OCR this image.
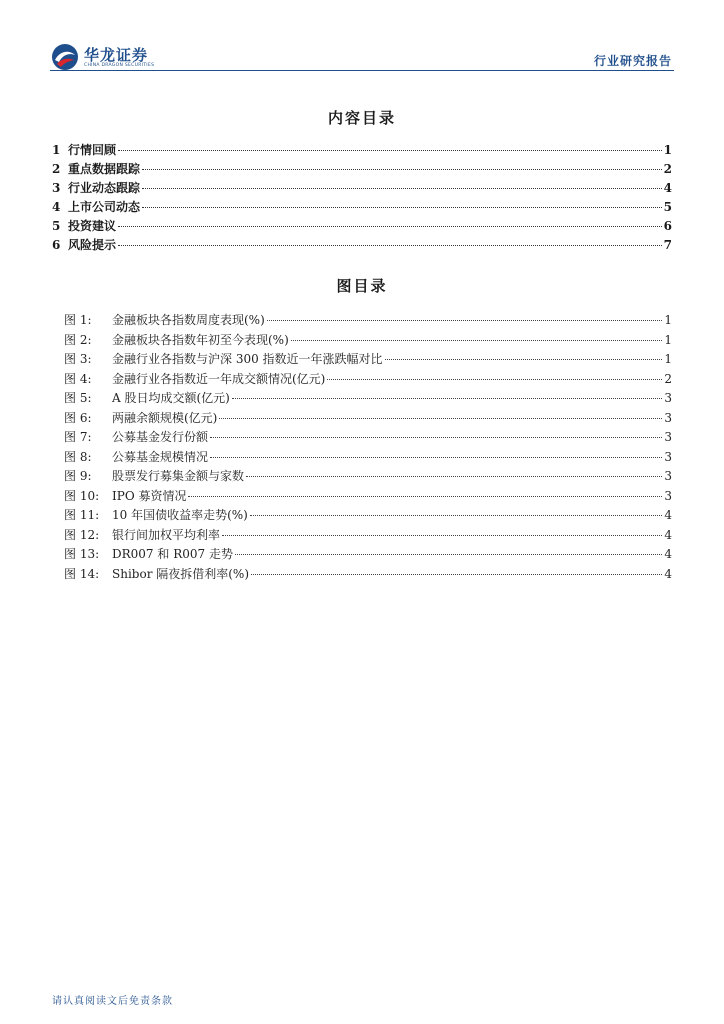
华龙证券
CHINA DRAGON SECURITIES	行业研究报告
内容目录
1 行情回顾	1
2 重点数据跟踪	2
3 行业动态跟踪	4
4 上市公司动态	5
5 投资建议	6
6 风险提示	7
图目录
图 1:	金融板块各指数周度表现(%)	1
图 2:	金融板块各指数年初至今表现(%)	1
图 3:	金融行业各指数与沪深 300 指数近一年涨跌幅对比	1
图 4:	金融行业各指数近一年成交额情况(亿元)	2
图 5:	A 股日均成交额(亿元)	3
图 6:	两融余额规模(亿元)	3
图 7:	公募基金发行份额	3
图 8:	公募基金规模情况	3
图 9:	股票发行募集金额与家数	3
图 10:	IPO 募资情况	3
图 11:	10 年国债收益率走势(%)	4
图 12:	银行间加权平均利率	4
图 13:	DR007 和 R007 走势	4
图 14:	Shibor 隔夜拆借利率(%)	4
请认真阅读文后免责条款
